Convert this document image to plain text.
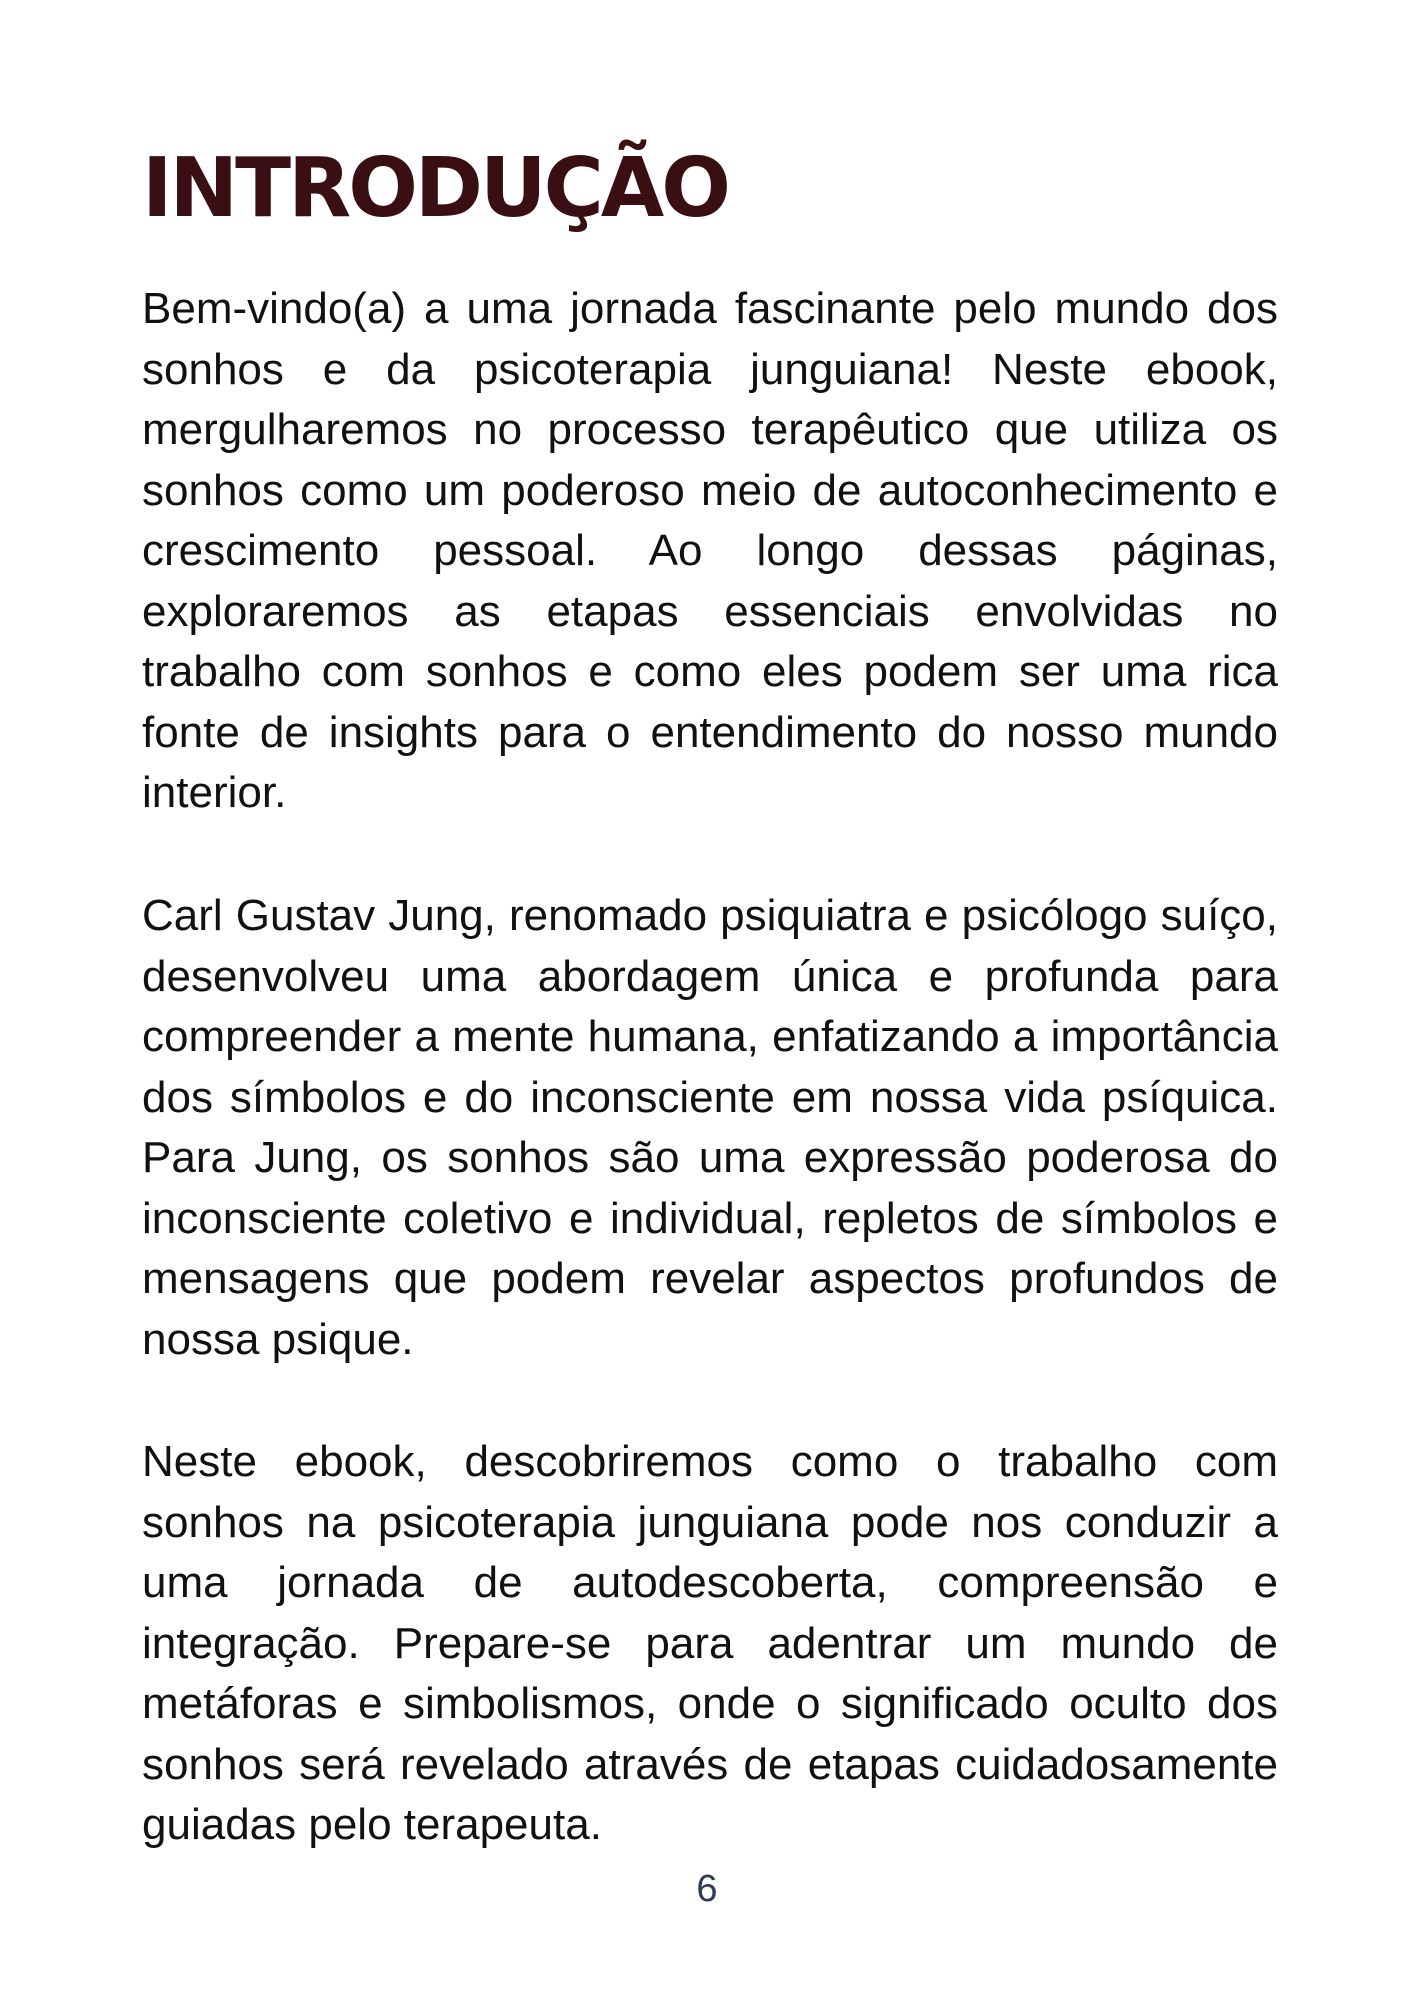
INTRODUÇÃO

Bem-vindo(a) a uma jornada fascinante pelo mundo dos sonhos e da psicoterapia junguiana! Neste ebook, mergulharemos no processo terapêutico que utiliza os sonhos como um poderoso meio de autoconhecimento e crescimento pessoal. Ao longo dessas páginas, exploraremos as etapas essenciais envolvidas no trabalho com sonhos e como eles podem ser uma rica fonte de insights para o entendimento do nosso mundo interior.

Carl Gustav Jung, renomado psiquiatra e psicólogo suíço, desenvolveu uma abordagem única e profunda para compreender a mente humana, enfatizando a importância dos símbolos e do inconsciente em nossa vida psíquica. Para Jung, os sonhos são uma expressão poderosa do inconsciente coletivo e individual, repletos de símbolos e mensagens que podem revelar aspectos profundos de nossa psique.

Neste ebook, descobriremos como o trabalho com sonhos na psicoterapia junguiana pode nos conduzir a uma jornada de autodescoberta, compreensão e integração. Prepare-se para adentrar um mundo de metáforas e simbolismos, onde o significado oculto dos sonhos será revelado através de etapas cuidadosamente guiadas pelo terapeuta.

6
